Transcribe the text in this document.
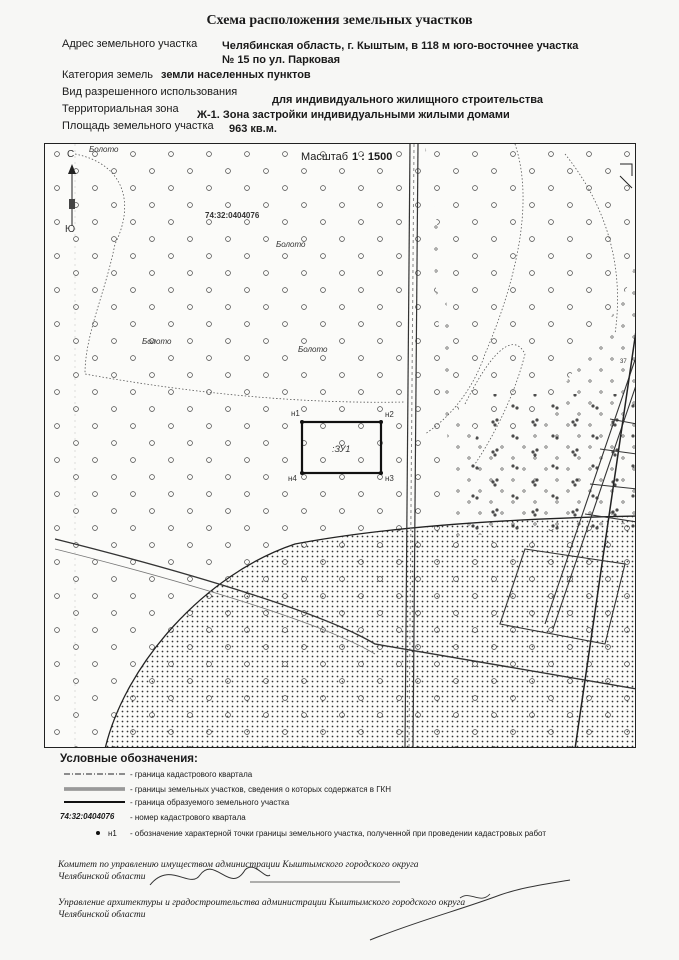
Схема расположения земельных участков
Адрес земельного участка Челябинская область, г. Кыштым, в 118 м юго-восточнее участка
№ 15 по ул. Парковая
Категория земель земли населенных пунктов
Вид разрешенного использования
для индивидуального жилищного строительства
Территориальная зона Ж-1. Зона застройки индивидуальными жилыми домами
Площадь земельного участка 963 кв.м.
Масштаб 1 : 1500
С
Ю
74:32:0404076
Болото
Болото
Болото
Болото
:ЗУ1
н1	н2
н3
н4
37
Условные обозначения:
- граница кадастрового квартала
- границы земельных участков, сведения о которых содержатся в ГКН
- граница образуемого земельного участка
74:32:0404076 - номер кадастрового квартала
н1 - обозначение характерной точки границы земельного участка, полученной при проведении кадастровых работ
Комитет по управлению имуществом администрации Кыштымского городского округа
Челябинской области
Управление архитектуры и градостроительства администрации Кыштымского городского округа
Челябинской области
